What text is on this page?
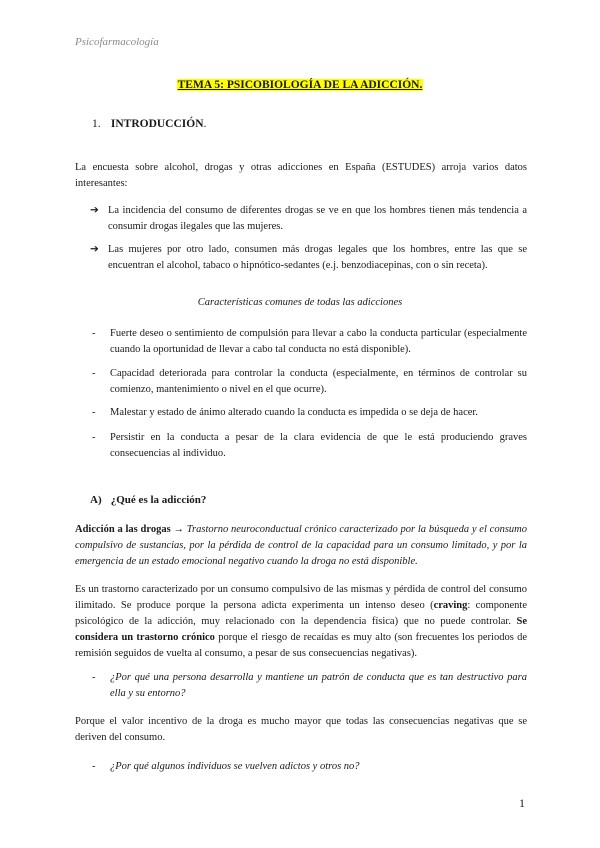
Psicofarmacología
TEMA 5: PSICOBIOLOGÍA DE LA ADICCIÓN.
1. INTRODUCCIÓN.

La encuesta sobre alcohol, drogas y otras adicciones en España (ESTUDES) arroja varios datos interesantes:

➔ La incidencia del consumo de diferentes drogas se ve en que los hombres tienen más tendencia a consumir drogas ilegales que las mujeres.
➔ Las mujeres por otro lado, consumen más drogas legales que los hombres, entre las que se encuentran el alcohol, tabaco o hipnótico-sedantes (e.j. benzodiacepinas, con o sin receta).
Características comunes de todas las adicciones
- Fuerte deseo o sentimiento de compulsión para llevar a cabo la conducta particular (especialmente cuando la oportunidad de llevar a cabo tal conducta no está disponible).
- Capacidad deteriorada para controlar la conducta (especialmente, en términos de controlar su comienzo, mantenimiento o nivel en el que ocurre).
- Malestar y estado de ánimo alterado cuando la conducta es impedida o se deja de hacer.
- Persistir en la conducta a pesar de la clara evidencia de que le está produciendo graves consecuencias al individuo.
A) ¿Qué es la adicción?

Adicción a las drogas → Trastorno neuroconductual crónico caracterizado por la búsqueda y el consumo compulsivo de sustancias, por la pérdida de control de la capacidad para un consumo limitado, y por la emergencia de un estado emocional negativo cuando la droga no está disponible.

Es un trastorno caracterizado por un consumo compulsivo de las mismas y pérdida de control del consumo ilimitado. Se produce porque la persona adicta experimenta un intenso deseo (craving: componente psicológico de la adicción, muy relacionado con la dependencia física) que no puede controlar. Se considera un trastorno crónico porque el riesgo de recaídas es muy alto (son frecuentes los periodos de remisión seguidos de vuelta al consumo, a pesar de sus consecuencias negativas).

- ¿Por qué una persona desarrolla y mantiene un patrón de conducta que es tan destructivo para ella y su entorno?

Porque el valor incentivo de la droga es mucho mayor que todas las consecuencias negativas que se deriven del consumo.

- ¿Por qué algunos individuos se vuelven adictos y otros no?
1
